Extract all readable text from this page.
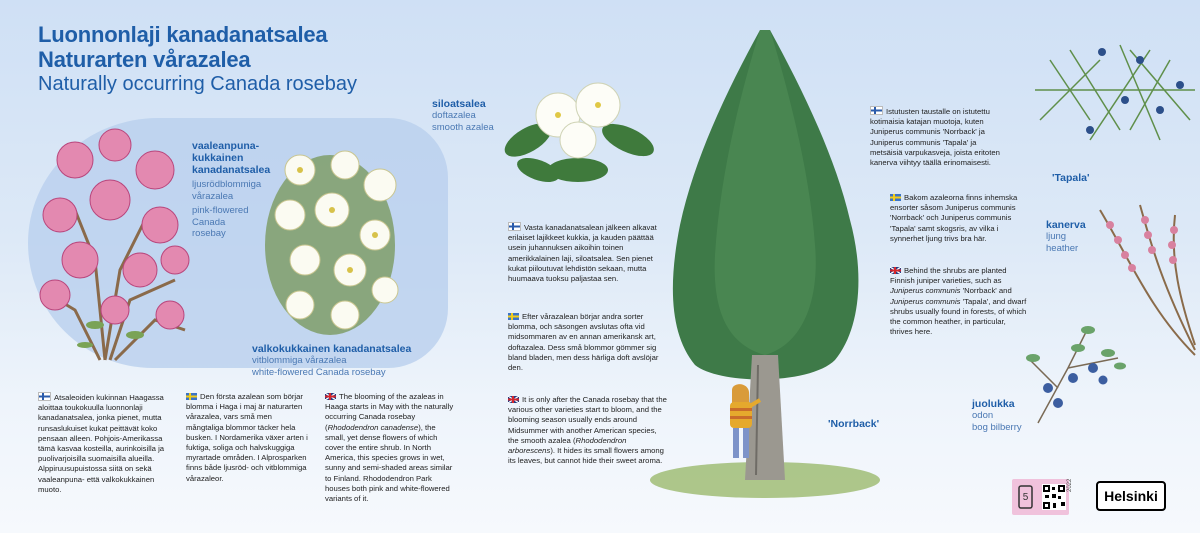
Luonnonlaji kanadanatsalea
Naturarten vårazalea
Naturally occurring Canada rosebay
vaaleanpuna-
kukkainen
kanadanatsalea
ljusrödblommiga
vårazalea
pink-flowered
Canada
rosebay
valkokukkainen kanadanatsalea
vitblommiga vårazalea
white-flowered Canada rosebay
siloatsalea
doftazalea
smooth azalea
Vasta kanadanatsalean jälkeen alkavat erilaiset lajikkeet kukkia, ja kauden päättää usein juhannuksen aikoihin toinen amerikkalainen laji, siloatsalea. Sen pienet kukat piiloutuvat lehdistön sekaan, mutta huumaava tuoksu paljastaa sen.
Efter vårazalean börjar andra sorter blomma, och säsongen avslutas ofta vid midsommaren av en annan amerikansk art, doftazalea. Dess små blommor gömmer sig bland bladen, men dess härliga doft avslöjar den.
It is only after the Canada rosebay that the various other varieties start to bloom, and the blooming season usually ends around Midsummer with another American species, the smooth azalea (Rhododendron arborescens). It hides its small flowers among its leaves, but cannot hide their sweet aroma.
'Norrback'
Istutusten taustalle on istutettu kotimaisia katajan muotoja, kuten Juniperus communis 'Norrback' ja Juniperus communis 'Tapala' ja metsäisiä varpukasveja, joista eritoten kanerva viihtyy täällä erinomaisesti.
Bakom azaleorna finns inhemska ensorter såsom Juniperus communis 'Norrback' och Juniperus communis 'Tapala' samt skogsris, av vilka i synnerhet ljung trivs bra här.
Behind the shrubs are planted Finnish juniper varieties, such as Juniperus communis 'Norrback' and Juniperus communis 'Tapala', and dwarf shrubs usually found in forests, of which the common heather, in particular, thrives here.
'Tapala'
kanerva
ljung
heather
juolukka
odon
bog bilberry
Atsaleoiden kukinnan Haagassa aloittaa toukokuulla luonnonlaji kanadanatsalea, jonka pienet, mutta runsaslukuiset kukat peittävät koko pensaan alleen. Pohjois-Amerikassa tämä kasvaa kosteilla, aurinkoisilla ja puolivarjoisilla suomaisilla alueilla. Alppiruusupuistossa siitä on sekä vaaleanpuna- että valkokukkainen muoto.
Den första azalean som börjar blomma i Haga i maj är naturarten vårazalea, vars små men mångtaliga blommor täcker hela busken. I Nordamerika växer arten i fuktiga, soliga och halvskuggiga myrartade områden. I Alprosparken finns både ljusröd- och vitblommiga vårazaleor.
The blooming of the azaleas in Haaga starts in May with the naturally occurring Canada rosebay (Rhododendron canadense), the small, yet dense flowers of which cover the entire shrub. In North America, this species grows in wet, sunny and semi-shaded areas similar to Finland. Rhododendron Park houses both pink and white-flowered variants of it.	5
2022
Helsinki
